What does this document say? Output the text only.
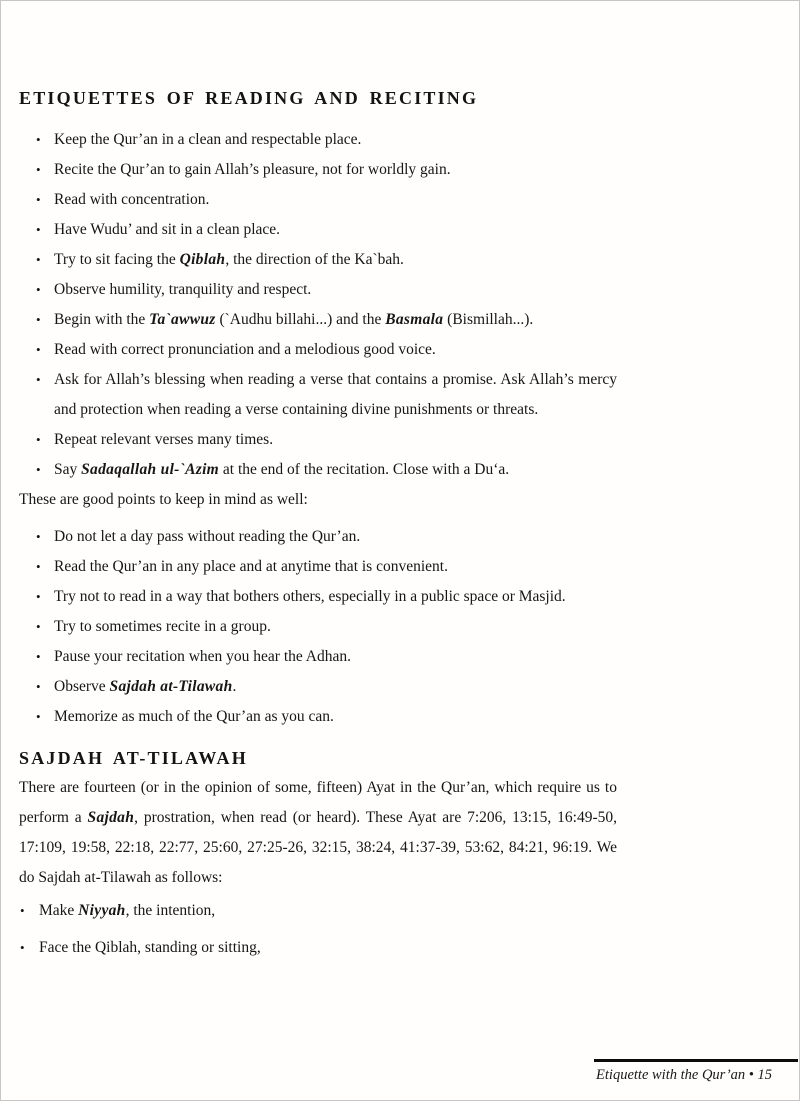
ETIQUETTES OF READING AND RECITING
• Keep the Qur’an in a clean and respectable place.
• Recite the Qur’an to gain Allah’s pleasure, not for worldly gain.
• Read with concentration.
• Have Wudu’ and sit in a clean place.
• Try to sit facing the Qiblah, the direction of the Ka`bah.
• Observe humility, tranquility and respect.
• Begin with the Ta`awwuz (`Audhu billahi...) and the Basmala (Bismillah...).
• Read with correct pronunciation and a melodious good voice.
• Ask for Allah’s blessing when reading a verse that contains a promise. Ask Allah’s mercy and protection when reading a verse containing divine punishments or threats.
• Repeat relevant verses many times.
• Say Sadaqallah ul-`Azim at the end of the recitation. Close with a Du‘a.

These are good points to keep in mind as well:

• Do not let a day pass without reading the Qur’an.
• Read the Qur’an in any place and at anytime that is convenient.
• Try not to read in a way that bothers others, especially in a public space or Masjid.
• Try to sometimes recite in a group.
• Pause your recitation when you hear the Adhan.
• Observe Sajdah at-Tilawah.
• Memorize as much of the Qur’an as you can.
SAJDAH AT-TILAWAH

There are fourteen (or in the opinion of some, fifteen) Ayat in the Qur’an, which require us to perform a Sajdah, prostration, when read (or heard). These Ayat are 7:206, 13:15, 16:49-50, 17:109, 19:58, 22:18, 22:77, 25:60, 27:25-26, 32:15, 38:24, 41:37-39, 53:62, 84:21, 96:19. We do Sajdah at-Tilawah as follows:

• Make Niyyah, the intention,
• Face the Qiblah, standing or sitting,
Etiquette with the Qur’an • 15
